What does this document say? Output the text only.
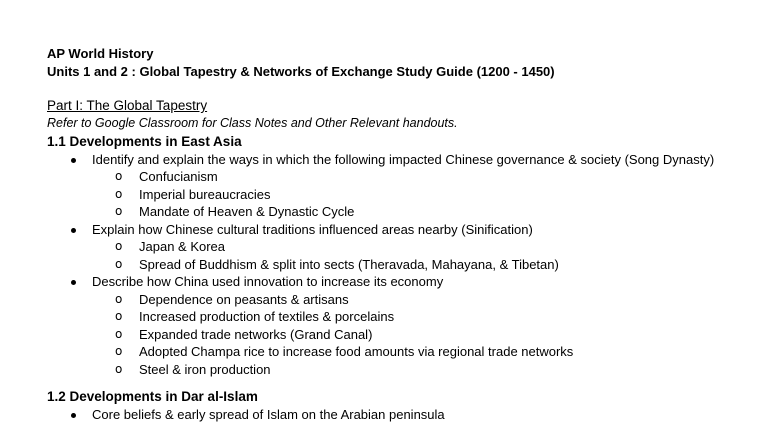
AP World History
Units 1 and 2 : Global Tapestry & Networks of Exchange Study Guide (1200 - 1450)
Part I: The Global Tapestry
Refer to Google Classroom for Class Notes and Other Relevant handouts.
1.1 Developments in East Asia
Identify and explain the ways in which the following impacted Chinese governance & society (Song Dynasty)
o Confucianism
o Imperial bureaucracies
o Mandate of Heaven & Dynastic Cycle
Explain how Chinese cultural traditions influenced areas nearby (Sinification)
o Japan & Korea
o Spread of Buddhism & split into sects (Theravada, Mahayana, & Tibetan)
Describe how China used innovation to increase its economy
o Dependence on peasants & artisans
o Increased production of textiles & porcelains
o Expanded trade networks (Grand Canal)
o Adopted Champa rice to increase food amounts via regional trade networks
o Steel & iron production
1.2 Developments in Dar al-Islam
Core beliefs & early spread of Islam on the Arabian peninsula
